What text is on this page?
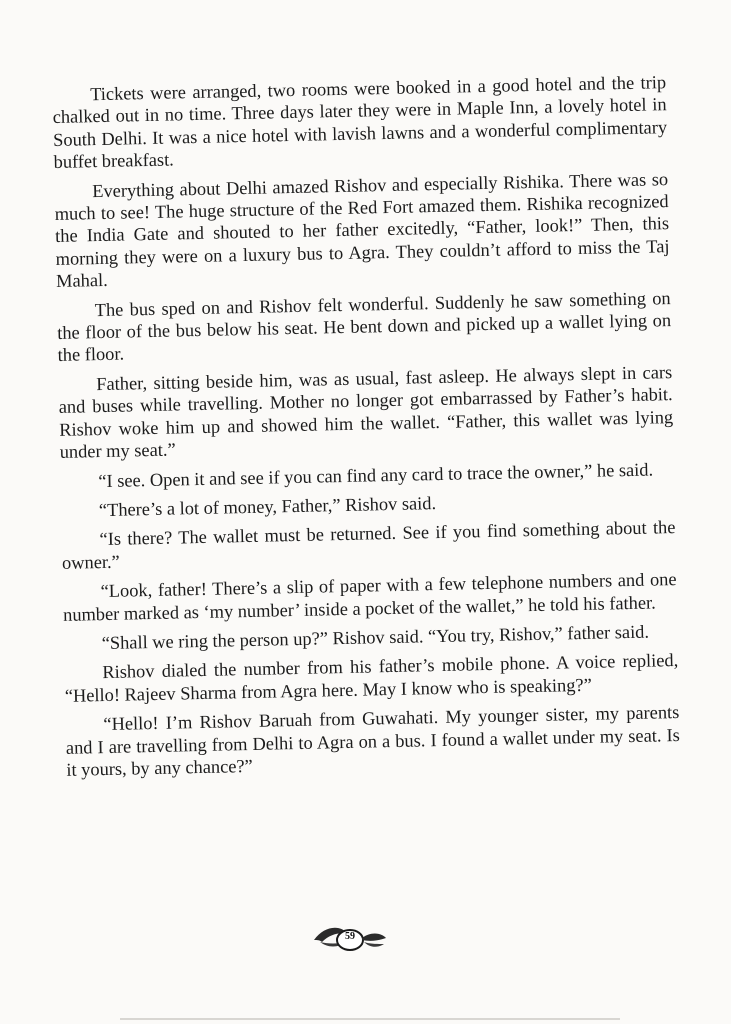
Tickets were arranged, two rooms were booked in a good hotel and the trip chalked out in no time. Three days later they were in Maple Inn, a lovely hotel in South Delhi. It was a nice hotel with lavish lawns and a wonderful complimentary buffet breakfast.

Everything about Delhi amazed Rishov and especially Rishika. There was so much to see! The huge structure of the Red Fort amazed them. Rishika recognized the India Gate and shouted to her father excitedly, “Father, look!” Then, this morning they were on a luxury bus to Agra. They couldn’t afford to miss the Taj Mahal.

The bus sped on and Rishov felt wonderful. Suddenly he saw something on the floor of the bus below his seat. He bent down and picked up a wallet lying on the floor.

Father, sitting beside him, was as usual, fast asleep. He always slept in cars and buses while travelling. Mother no longer got embarrassed by Father’s habit. Rishov woke him up and showed him the wallet. “Father, this wallet was lying under my seat.”

“I see. Open it and see if you can find any card to trace the owner,” he said.

“There’s a lot of money, Father,” Rishov said.

“Is there? The wallet must be returned. See if you find something about the owner.”

“Look, father! There’s a slip of paper with a few telephone numbers and one number marked as ‘my number’ inside a pocket of the wallet,” he told his father.

“Shall we ring the person up?” Rishov said. “You try, Rishov,” father said.

Rishov dialed the number from his father’s mobile phone. A voice replied, “Hello! Rajeev Sharma from Agra here. May I know who is speaking?”

“Hello! I’m Rishov Baruah from Guwahati. My younger sister, my parents and I are travelling from Delhi to Agra on a bus. I found a wallet under my seat. Is it yours, by any chance?”

59
